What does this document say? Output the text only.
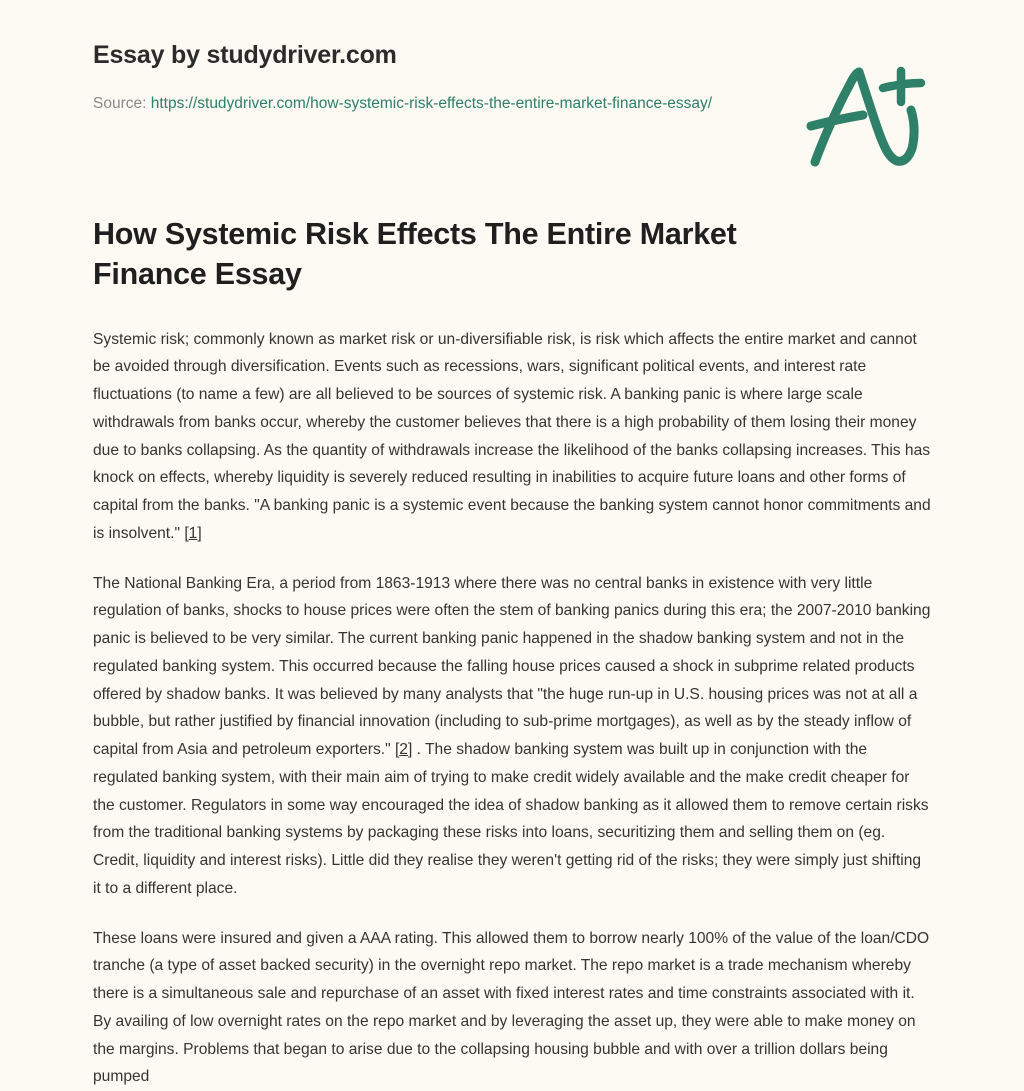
Essay by studydriver.com
Source: https://studydriver.com/how-systemic-risk-effects-the-entire-market-finance-essay/
How Systemic Risk Effects The Entire Market Finance Essay

Systemic risk; commonly known as market risk or un-diversifiable risk, is risk which affects the entire market and cannot be avoided through diversification. Events such as recessions, wars, significant political events, and interest rate fluctuations (to name a few) are all believed to be sources of systemic risk. A banking panic is where large scale withdrawals from banks occur, whereby the customer believes that there is a high probability of them losing their money due to banks collapsing. As the quantity of withdrawals increase the likelihood of the banks collapsing increases. This has knock on effects, whereby liquidity is severely reduced resulting in inabilities to acquire future loans and other forms of capital from the banks. "A banking panic is a systemic event because the banking system cannot honor commitments and is insolvent." [1]

The National Banking Era, a period from 1863-1913 where there was no central banks in existence with very little regulation of banks, shocks to house prices were often the stem of banking panics during this era; the 2007-2010 banking panic is believed to be very similar. The current banking panic happened in the shadow banking system and not in the regulated banking system. This occurred because the falling house prices caused a shock in subprime related products offered by shadow banks. It was believed by many analysts that "the huge run-up in U.S. housing prices was not at all a bubble, but rather justified by financial innovation (including to sub-prime mortgages), as well as by the steady inflow of capital from Asia and petroleum exporters." [2] . The shadow banking system was built up in conjunction with the regulated banking system, with their main aim of trying to make credit widely available and the make credit cheaper for the customer. Regulators in some way encouraged the idea of shadow banking as it allowed them to remove certain risks from the traditional banking systems by packaging these risks into loans, securitizing them and selling them on (eg. Credit, liquidity and interest risks). Little did they realise they weren't getting rid of the risks; they were simply just shifting it to a different place.

These loans were insured and given a AAA rating. This allowed them to borrow nearly 100% of the value of the loan/CDO tranche (a type of asset backed security) in the overnight repo market. The repo market is a trade mechanism whereby there is a simultaneous sale and repurchase of an asset with fixed interest rates and time constraints associated with it. By availing of low overnight rates on the repo market and by leveraging the asset up, they were able to make money on the margins. Problems that began to arise due to the collapsing housing bubble and with over a trillion dollars being pumped
